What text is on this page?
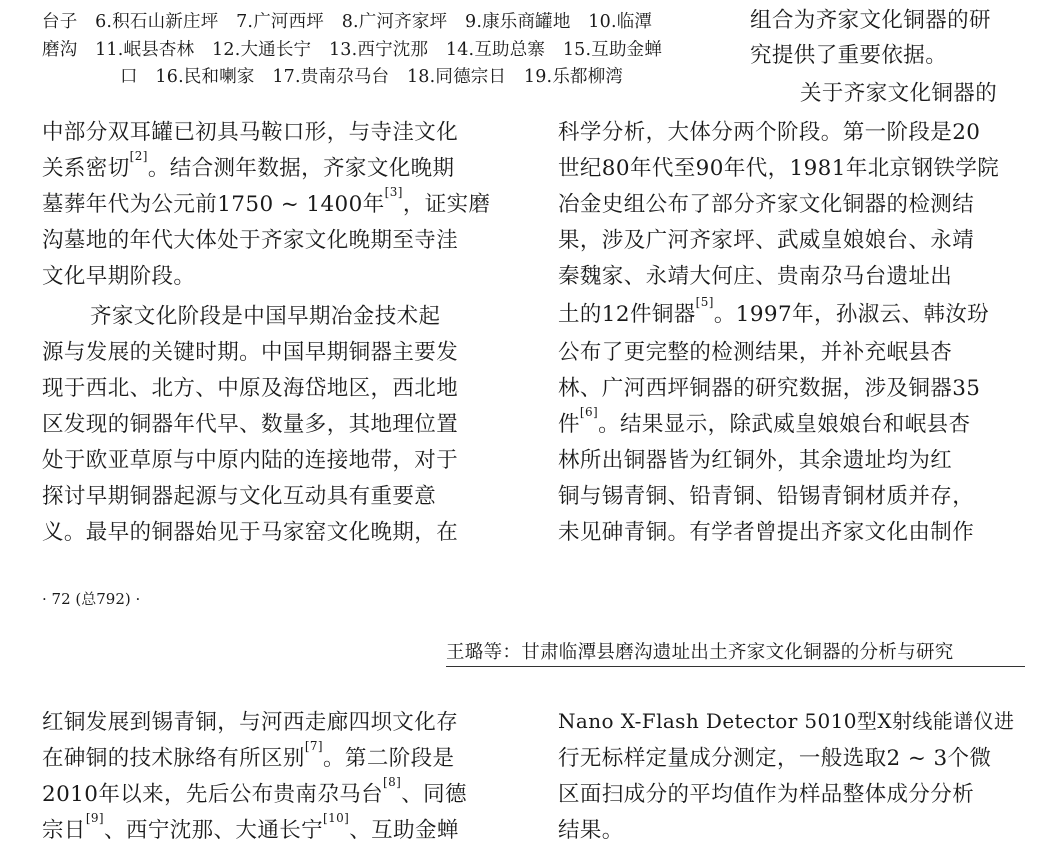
台子　6.积石山新庄坪　7.广河西坪　8.广河齐家坪　9.康乐商罐地　10.临潭
磨沟　11.岷县杏林　12.大通长宁　13.西宁沈那　14.互助总寨　15.互助金蝉
口　16.民和喇家　17.贵南尕马台　18.同德宗日　19.乐都柳湾
组合为齐家文化铜器的研
究提供了重要依据。
关于齐家文化铜器的
中部分双耳罐已初具马鞍口形，与寺洼文化
关系密切[2]。结合测年数据，齐家文化晚期
墓葬年代为公元前1750 ~ 1400年[3]，证实磨
沟墓地的年代大体处于齐家文化晚期至寺洼
文化早期阶段。
齐家文化阶段是中国早期冶金技术起
源与发展的关键时期。中国早期铜器主要发
现于西北、北方、中原及海岱地区，西北地
区发现的铜器年代早、数量多，其地理位置
处于欧亚草原与中原内陆的连接地带，对于
探讨早期铜器起源与文化互动具有重要意
义。最早的铜器始见于马家窑文化晚期，在
科学分析，大体分两个阶段。第一阶段是20
世纪80年代至90年代，1981年北京钢铁学院
冶金史组公布了部分齐家文化铜器的检测结
果，涉及广河齐家坪、武威皇娘娘台、永靖
秦魏家、永靖大何庄、贵南尕马台遗址出
土的12件铜器[5]。1997年，孙淑云、韩汝玢
公布了更完整的检测结果，并补充岷县杏
林、广河西坪铜器的研究数据，涉及铜器35
件[6]。结果显示，除武威皇娘娘台和岷县杏
林所出铜器皆为红铜外，其余遗址均为红
铜与锡青铜、铅青铜、铅锡青铜材质并存，
未见砷青铜。有学者曾提出齐家文化由制作
· 72 (总792) ·
王璐等：甘肃临潭县磨沟遗址出土齐家文化铜器的分析与研究
红铜发展到锡青铜，与河西走廊四坝文化存
在砷铜的技术脉络有所区别[7]。第二阶段是
2010年以来，先后公布贵南尕马台[8]、同德
宗日[9]、西宁沈那、大通长宁[10]、互助金蝉
Nano X-Flash Detector 5010型X射线能谱仪进
行无标样定量成分测定，一般选取2 ~ 3个微
区面扫成分的平均值作为样品整体成分分析
结果。
